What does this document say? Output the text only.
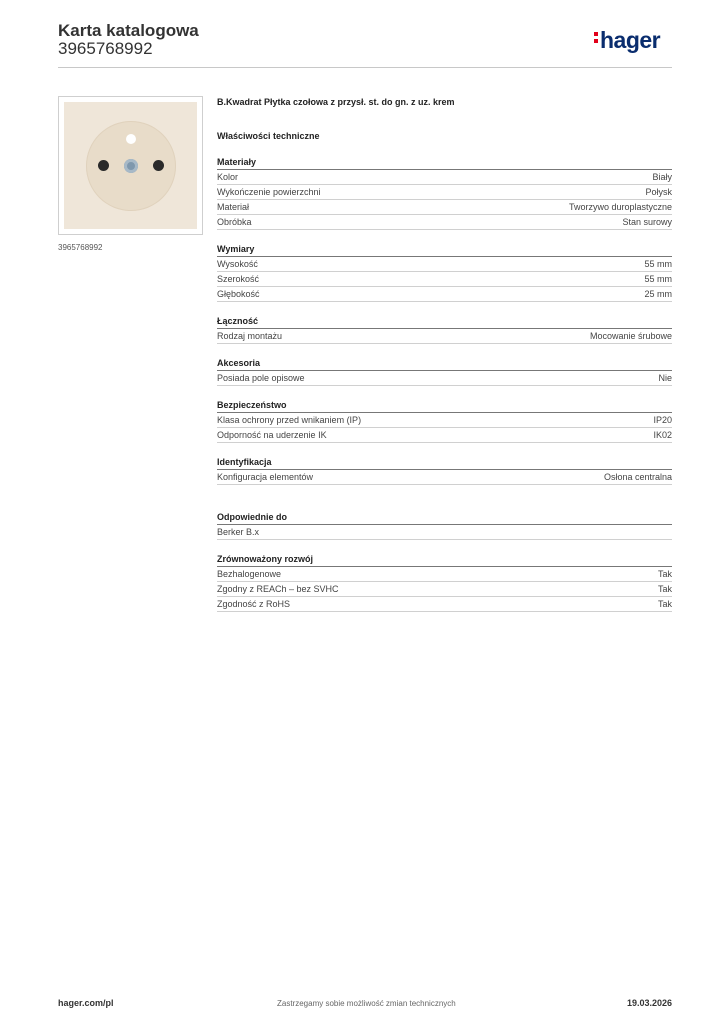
Karta katalogowa
3965768992	hager
3965768992
B.Kwadrat Płytka czołowa z przysł. st. do gn. z uz. krem
Właściwości techniczne
Materiały
Kolor	Biały
Wykończenie powierzchni	Połysk
Materiał	Tworzywo duroplastyczne
Obróbka	Stan surowy
Wymiary
Wysokość	55 mm
Szerokość	55 mm
Głębokość	25 mm
Łączność
Rodzaj montażu	Mocowanie śrubowe
Akcesoria
Posiada pole opisowe	Nie
Bezpieczeństwo
Klasa ochrony przed wnikaniem (IP)	IP20
Odporność na uderzenie IK	IK02
Identyfikacja
Konfiguracja elementów	Osłona centralna
Odpowiednie do
Berker B.x
Zrównoważony rozwój
Bezhalogenowe	Tak
Zgodny z REACh – bez SVHC	Tak
Zgodność z RoHS	Tak
hager.com/pl	Zastrzegamy sobie możliwość zmian technicznych	19.03.2026
